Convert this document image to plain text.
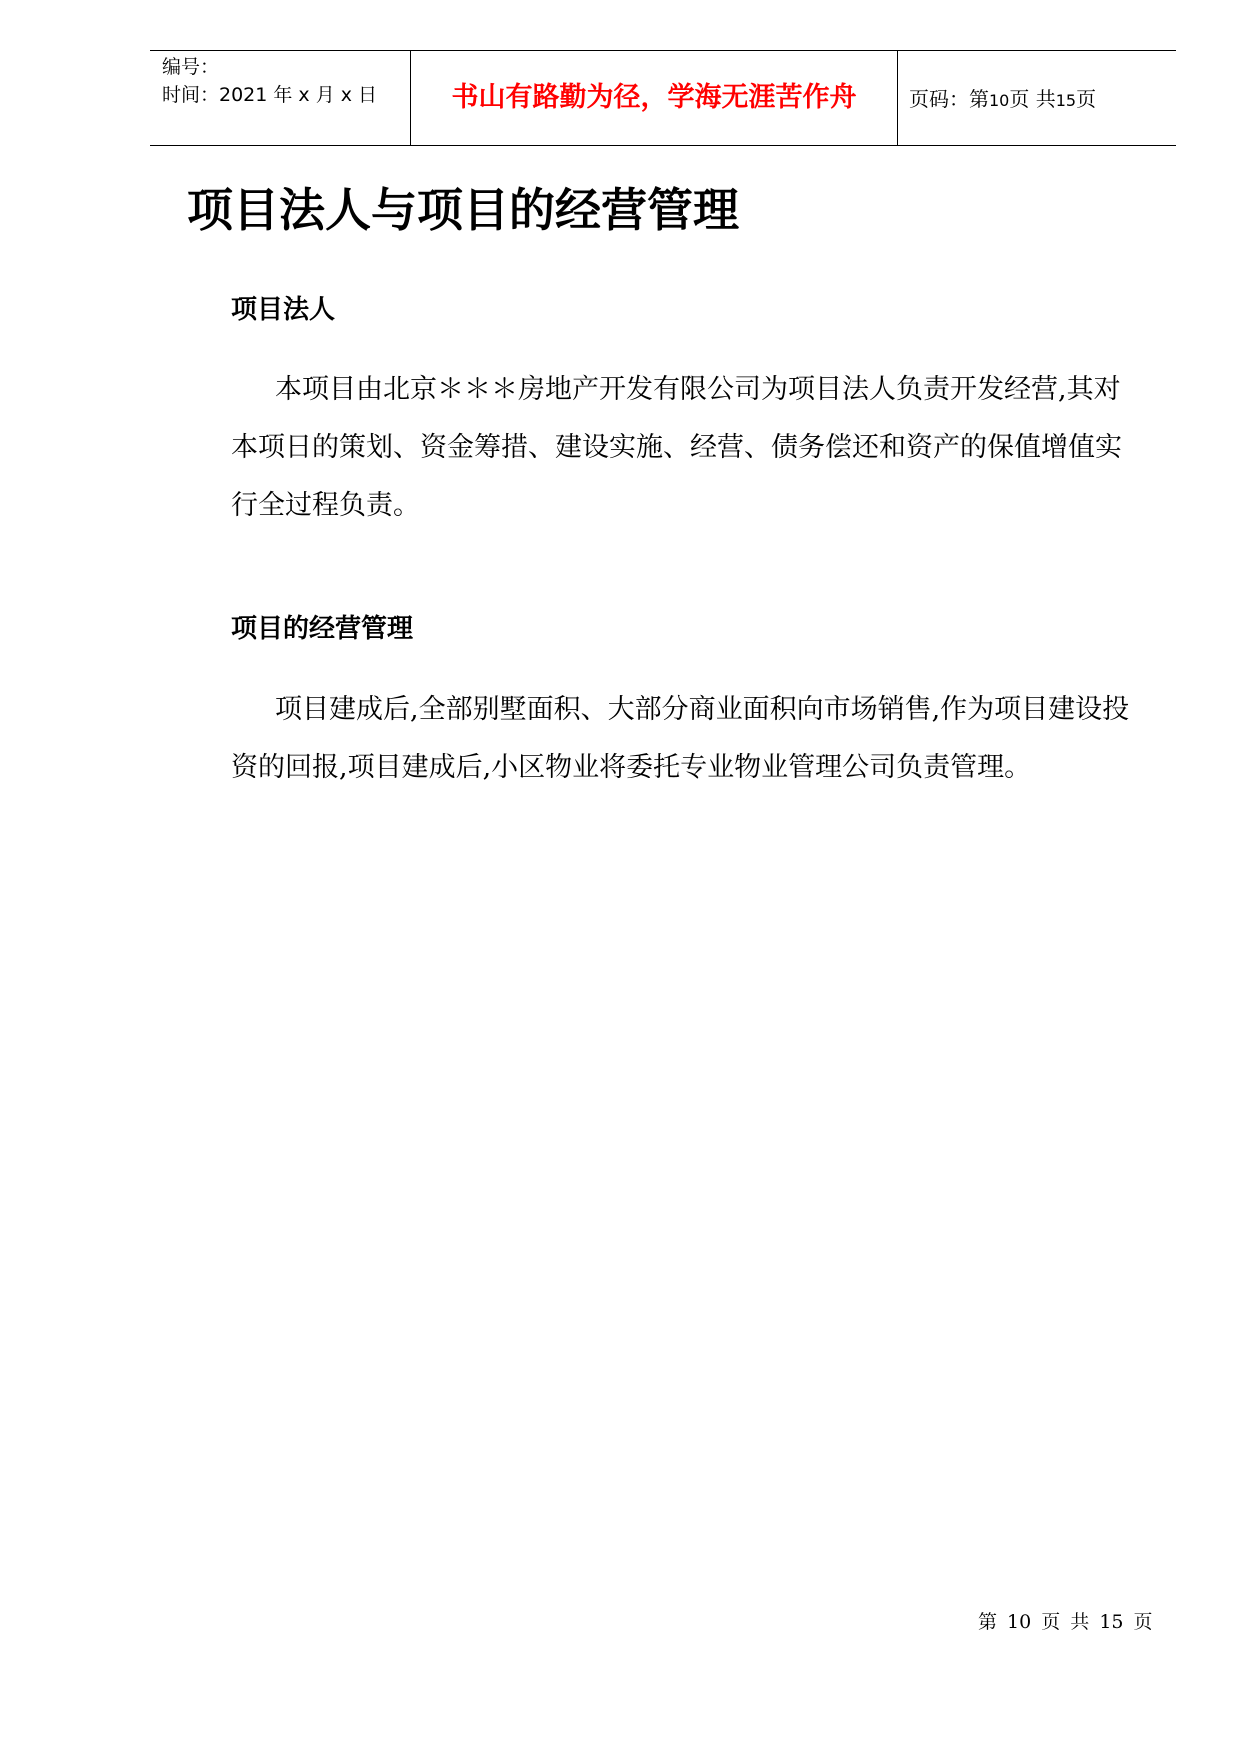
编号：
时间：2021 年 x 月 x 日	书山有路勤为径，学海无涯苦作舟	页码：第10页 共15页
项目法人与项目的经营管理
项目法人

本项目由北京＊＊＊房地产开发有限公司为项目法人负责开发经营,其对本项日的策划、资金筹措、建设实施、经营、债务偿还和资产的保值增值实行全过程负责。

项目的经营管理

项目建成后,全部别墅面积、大部分商业面积向市场销售,作为项目建设投资的回报,项目建成后,小区物业将委托专业物业管理公司负责管理。

第 10 页 共 15 页
